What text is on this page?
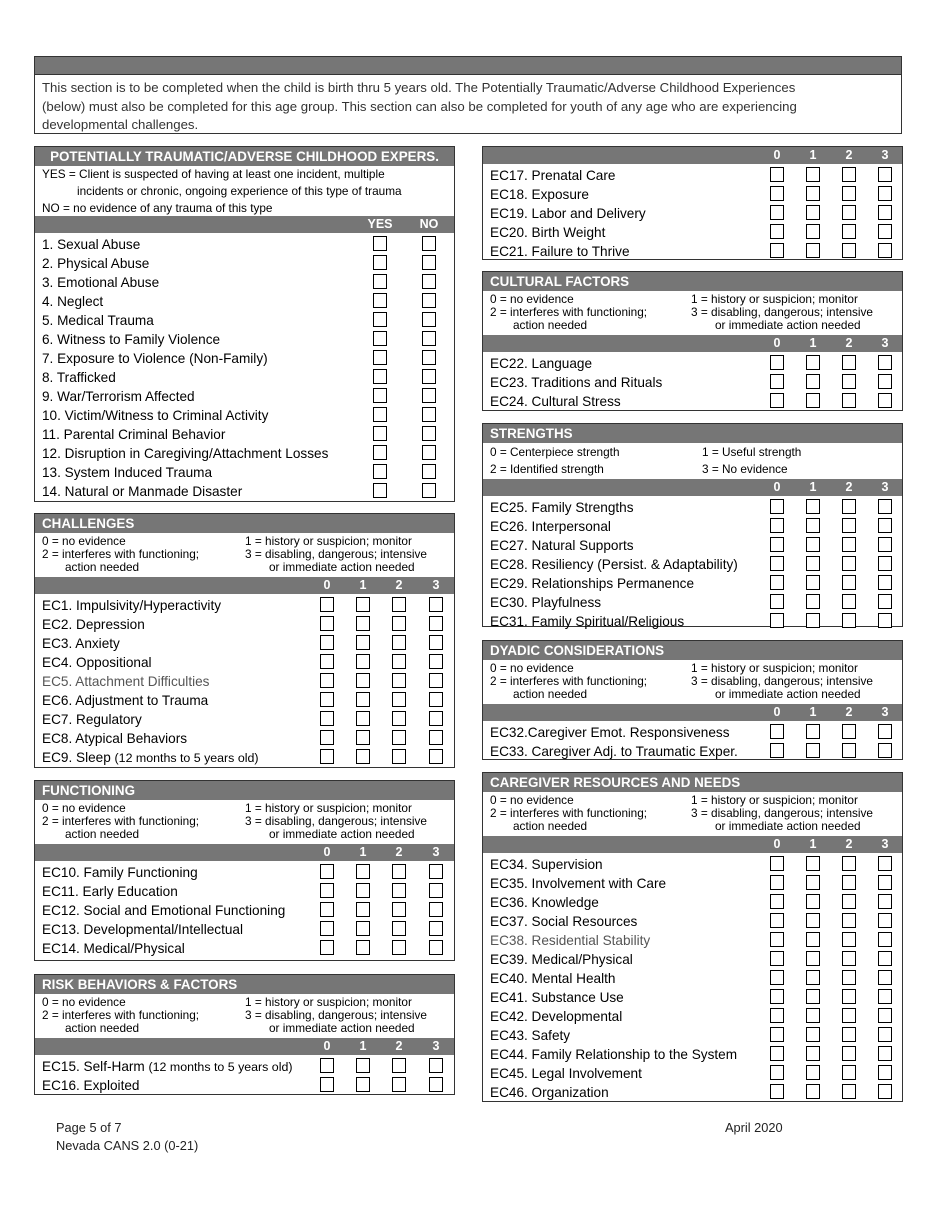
This section is to be completed when the child is birth thru 5 years old. The Potentially Traumatic/Adverse Childhood Experiences
(below) must also be completed for this age group. This section can also be completed for youth of any age who are experiencing
developmental challenges.
POTENTIALLY TRAUMATIC/ADVERSE CHILDHOOD EXPERS.
YES = Client is suspected of having at least one incident, multiple
incidents or chronic, ongoing experience of this type of trauma
NO = no evidence of any trauma of this type
YES	NO
1. Sexual Abuse
2. Physical Abuse
3. Emotional Abuse
4. Neglect
5. Medical Trauma
6. Witness to Family Violence
7. Exposure to Violence (Non-Family)
8. Trafficked
9. War/Terrorism Affected
10. Victim/Witness to Criminal Activity
11. Parental Criminal Behavior
12. Disruption in Caregiving/Attachment Losses
13. System Induced Trauma
14. Natural or Manmade Disaster
CHALLENGES
0 = no evidence	1 = history or suspicion; monitor
2 = interferes with functioning;	3 = disabling, dangerous; intensive
action needed	or immediate action needed
0	1	2	3
EC1. Impulsivity/Hyperactivity
EC2. Depression
EC3. Anxiety
EC4. Oppositional
EC5. Attachment Difficulties
EC6. Adjustment to Trauma
EC7. Regulatory
EC8. Atypical Behaviors
EC9. Sleep (12 months to 5 years old)
FUNCTIONING
0 = no evidence	1 = history or suspicion; monitor
2 = interferes with functioning;	3 = disabling, dangerous; intensive
action needed	or immediate action needed
0	1	2	3
EC10. Family Functioning
EC11. Early Education
EC12. Social and Emotional Functioning
EC13. Developmental/Intellectual
EC14. Medical/Physical
RISK BEHAVIORS & FACTORS
0 = no evidence	1 = history or suspicion; monitor
2 = interferes with functioning;	3 = disabling, dangerous; intensive
action needed	or immediate action needed
0	1	2	3
EC15. Self-Harm (12 months to 5 years old)
EC16. Exploited
0	1	2	3
EC17. Prenatal Care
EC18. Exposure
EC19. Labor and Delivery
EC20. Birth Weight
EC21. Failure to Thrive
CULTURAL FACTORS
0 = no evidence	1 = history or suspicion; monitor
2 = interferes with functioning;	3 = disabling, dangerous; intensive
action needed	or immediate action needed
0	1	2	3
EC22. Language
EC23. Traditions and Rituals
EC24. Cultural Stress
STRENGTHS
0 = Centerpiece strength	1 = Useful strength
2 = Identified strength	3 = No evidence
0	1	2	3
EC25. Family Strengths
EC26. Interpersonal
EC27. Natural Supports
EC28. Resiliency (Persist. & Adaptability)
EC29. Relationships Permanence
EC30. Playfulness
EC31. Family Spiritual/Religious
DYADIC CONSIDERATIONS
0 = no evidence	1 = history or suspicion; monitor
2 = interferes with functioning;	3 = disabling, dangerous; intensive
action needed	or immediate action needed
0	1	2	3
EC32.Caregiver Emot. Responsiveness
EC33. Caregiver Adj. to Traumatic Exper.
CAREGIVER RESOURCES AND NEEDS
0 = no evidence	1 = history or suspicion; monitor
2 = interferes with functioning;	3 = disabling, dangerous; intensive
action needed	or immediate action needed
0	1	2	3
EC34. Supervision
EC35. Involvement with Care
EC36. Knowledge
EC37. Social Resources
EC38. Residential Stability
EC39. Medical/Physical
EC40. Mental Health
EC41. Substance Use
EC42. Developmental
EC43. Safety
EC44. Family Relationship to the System
EC45. Legal Involvement
EC46. Organization
Page 5 of 7
Nevada CANS 2.0 (0-21)
April 2020
